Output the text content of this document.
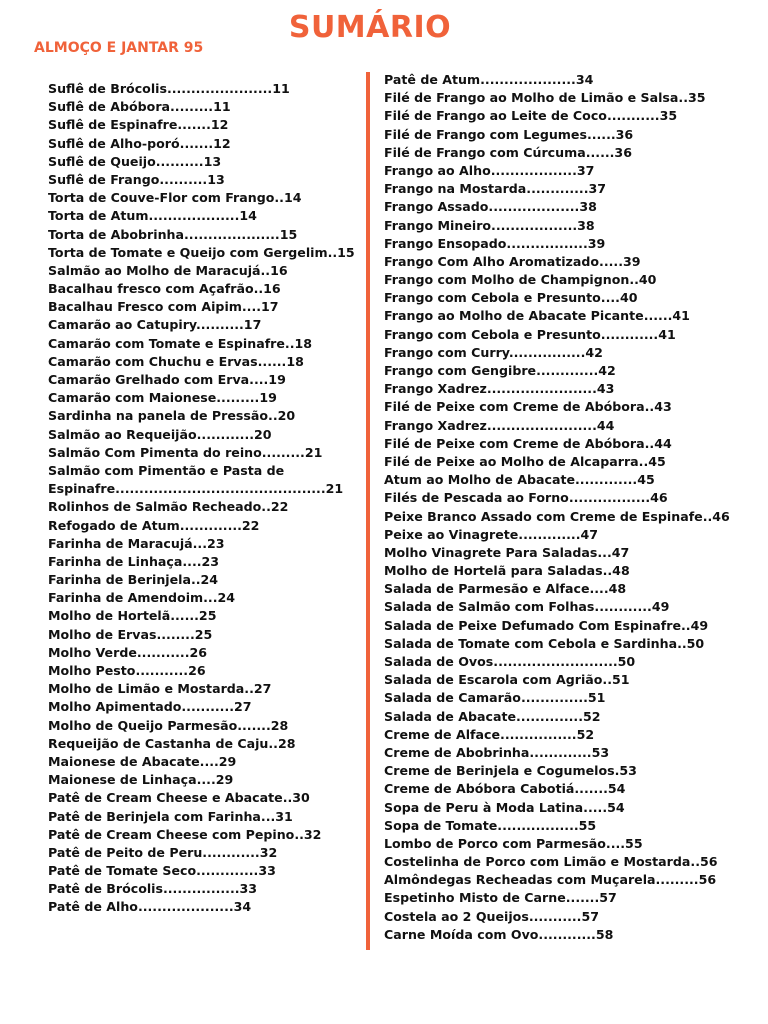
SUMÁRIO
ALMOÇO E JANTAR 95
Suflê de Brócolis......................11
Suflê de Abóbora.........11
Suflê de Espinafre.......12
Suflê de Alho-poró.......12
Suflê de Queijo..........13
Suflê de Frango..........13
Torta de Couve-Flor com Frango..14
Torta de Atum...................14
Torta de Abobrinha....................15
Torta de Tomate e Queijo com Gergelim..15
Salmão ao Molho de Maracujá..16
Bacalhau fresco com Açafrão..16
Bacalhau Fresco com Aipim....17
Camarão ao Catupiry..........17
Camarão com Tomate e Espinafre..18
Camarão com Chuchu e Ervas......18
Camarão Grelhado com Erva....19
Camarão com Maionese.........19
Sardinha na panela de Pressão..20
Salmão ao Requeijão............20
Salmão Com Pimenta do reino.........21
Salmão com Pimentão e Pasta de
Espinafre............................................21
Rolinhos de Salmão Recheado..22
Refogado de Atum.............22
Farinha de Maracujá...23
Farinha de Linhaça....23
Farinha de Berinjela..24
Farinha de Amendoim...24
Molho de Hortelã......25
Molho de Ervas........25
Molho Verde...........26
Molho Pesto...........26
Molho de Limão e Mostarda..27
Molho Apimentado...........27
Molho de Queijo Parmesão.......28
Requeijão de Castanha de Caju..28
Maionese de Abacate....29
Maionese de Linhaça....29
Patê de Cream Cheese e Abacate..30
Patê de Berinjela com Farinha...31
Patê de Cream Cheese com Pepino..32
Patê de Peito de Peru............32
Patê de Tomate Seco.............33
Patê de Brócolis................33
Patê de Alho....................34
Patê de Atum....................34
Filé de Frango ao Molho de Limão e Salsa..35
Filé de Frango ao Leite de Coco...........35
Filé de Frango com Legumes......36
Filé de Frango com Cúrcuma......36
Frango ao Alho..................37
Frango na Mostarda.............37
Frango Assado...................38
Frango Mineiro..................38
Frango Ensopado.................39
Frango Com Alho Aromatizado.....39
Frango com Molho de Champignon..40
Frango com Cebola e Presunto....40
Frango ao Molho de Abacate Picante......41
Frango com Cebola e Presunto............41
Frango com Curry................42
Frango com Gengibre.............42
Frango Xadrez.......................43
Filé de Peixe com Creme de Abóbora..43
Frango Xadrez.......................44
Filé de Peixe com Creme de Abóbora..44
Filé de Peixe ao Molho de Alcaparra..45
Atum ao Molho de Abacate.............45
Filés de Pescada ao Forno.................46
Peixe Branco Assado com Creme de Espinafe..46
Peixe ao Vinagrete.............47
Molho Vinagrete Para Saladas...47
Molho de Hortelã para Saladas..48
Salada de Parmesão e Alface....48
Salada de Salmão com Folhas............49
Salada de Peixe Defumado Com Espinafre..49
Salada de Tomate com Cebola e Sardinha..50
Salada de Ovos..........................50
Salada de Escarola com Agrião..51
Salada de Camarão..............51
Salada de Abacate..............52
Creme de Alface................52
Creme de Abobrinha.............53
Creme de Berinjela e Cogumelos.53
Creme de Abóbora Cabotiá.......54
Sopa de Peru à Moda Latina.....54
Sopa de Tomate.................55
Lombo de Porco com Parmesão....55
Costelinha de Porco com Limão e Mostarda..56
Almôndegas Recheadas com Muçarela.........56
Espetinho Misto de Carne.......57
Costela ao 2 Queijos...........57
Carne Moída com Ovo............58
